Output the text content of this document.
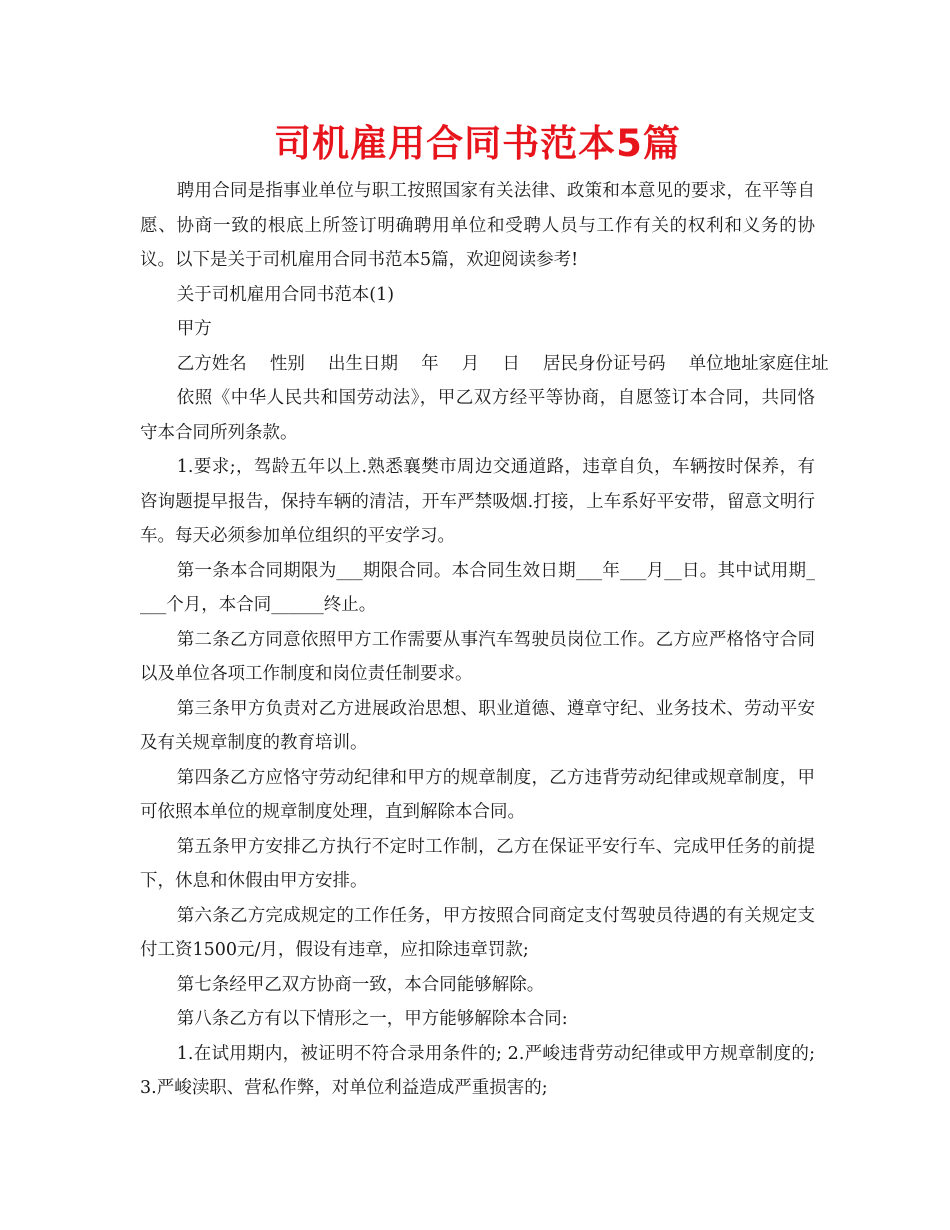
司机雇用合同书范本5篇

聘用合同是指事业单位与职工按照国家有关法律、政策和本意见的要求，在平等自愿、协商一致的根底上所签订明确聘用单位和受聘人员与工作有关的权利和义务的协议。以下是关于司机雇用合同书范本5篇，欢迎阅读参考!

关于司机雇用合同书范本(1)

甲方

乙方姓名  性别  出生日期  年  月  日  居民身份证号码  单位地址家庭住址

依照《中华人民共和国劳动法》，甲乙双方经平等协商，自愿签订本合同，共同恪守本合同所列条款。

1.要求;，驾龄五年以上.熟悉襄樊市周边交通道路，违章自负，车辆按时保养，有咨询题提早报告，保持车辆的清洁，开车严禁吸烟.打接，上车系好平安带，留意文明行车。每天必须参加单位组织的平安学习。

第一条本合同期限为___期限合同。本合同生效日期___年___月__日。其中试用期____个月，本合同______终止。

第二条乙方同意依照甲方工作需要从事汽车驾驶员岗位工作。乙方应严格恪守合同以及单位各项工作制度和岗位责任制要求。

第三条甲方负责对乙方进展政治思想、职业道德、遵章守纪、业务技术、劳动平安及有关规章制度的教育培训。

第四条乙方应恪守劳动纪律和甲方的规章制度，乙方违背劳动纪律或规章制度，甲可依照本单位的规章制度处理，直到解除本合同。

第五条甲方安排乙方执行不定时工作制，乙方在保证平安行车、完成甲任务的前提下，休息和休假由甲方安排。

第六条乙方完成规定的工作任务，甲方按照合同商定支付驾驶员待遇的有关规定支付工资1500元/月，假设有违章，应扣除违章罚款;

第七条经甲乙双方协商一致，本合同能够解除。

第八条乙方有以下情形之一，甲方能够解除本合同:

1.在试用期内，被证明不符合录用条件的; 2.严峻违背劳动纪律或甲方规章制度的;3.严峻渎职、营私作弊，对单位利益造成严重损害的;
